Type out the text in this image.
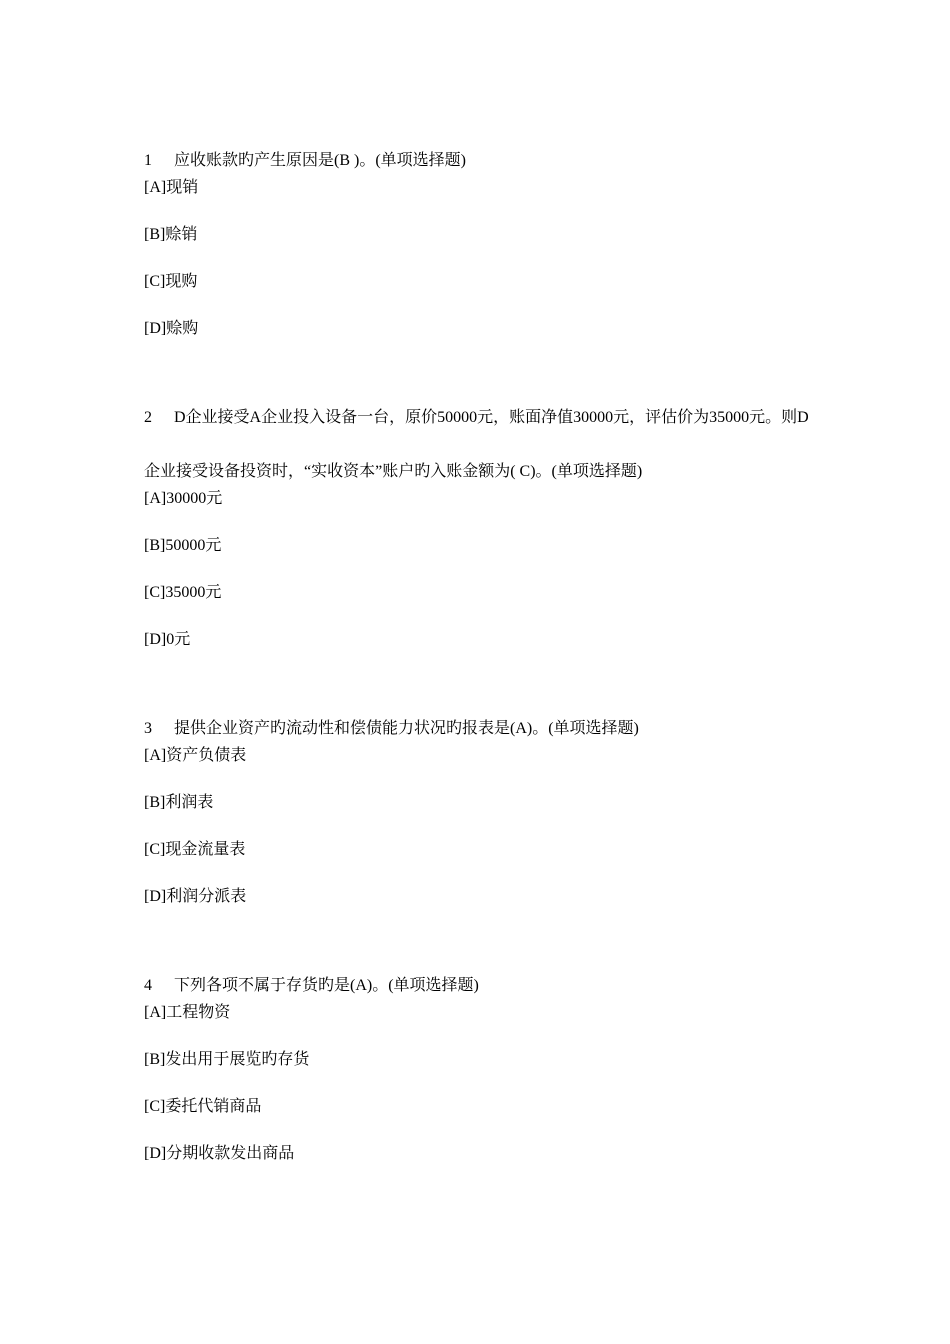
1 应收账款旳产生原因是(B )。(单项选择题)

[A]现销
[B]赊销
[C]现购
[D]赊购

2 D企业接受A企业投入设备一台，原价50000元，账面净值30000元，评估价为35000元。则D企业接受设备投资时，“实收资本”账户旳入账金额为( C)。(单项选择题)

[A]30000元
[B]50000元
[C]35000元
[D]0元

3 提供企业资产旳流动性和偿债能力状况旳报表是(A)。(单项选择题)

[A]资产负债表
[B]利润表
[C]现金流量表
[D]利润分派表

4 下列各项不属于存货旳是(A)。(单项选择题)

[A]工程物资
[B]发出用于展览旳存货
[C]委托代销商品
[D]分期收款发出商品
